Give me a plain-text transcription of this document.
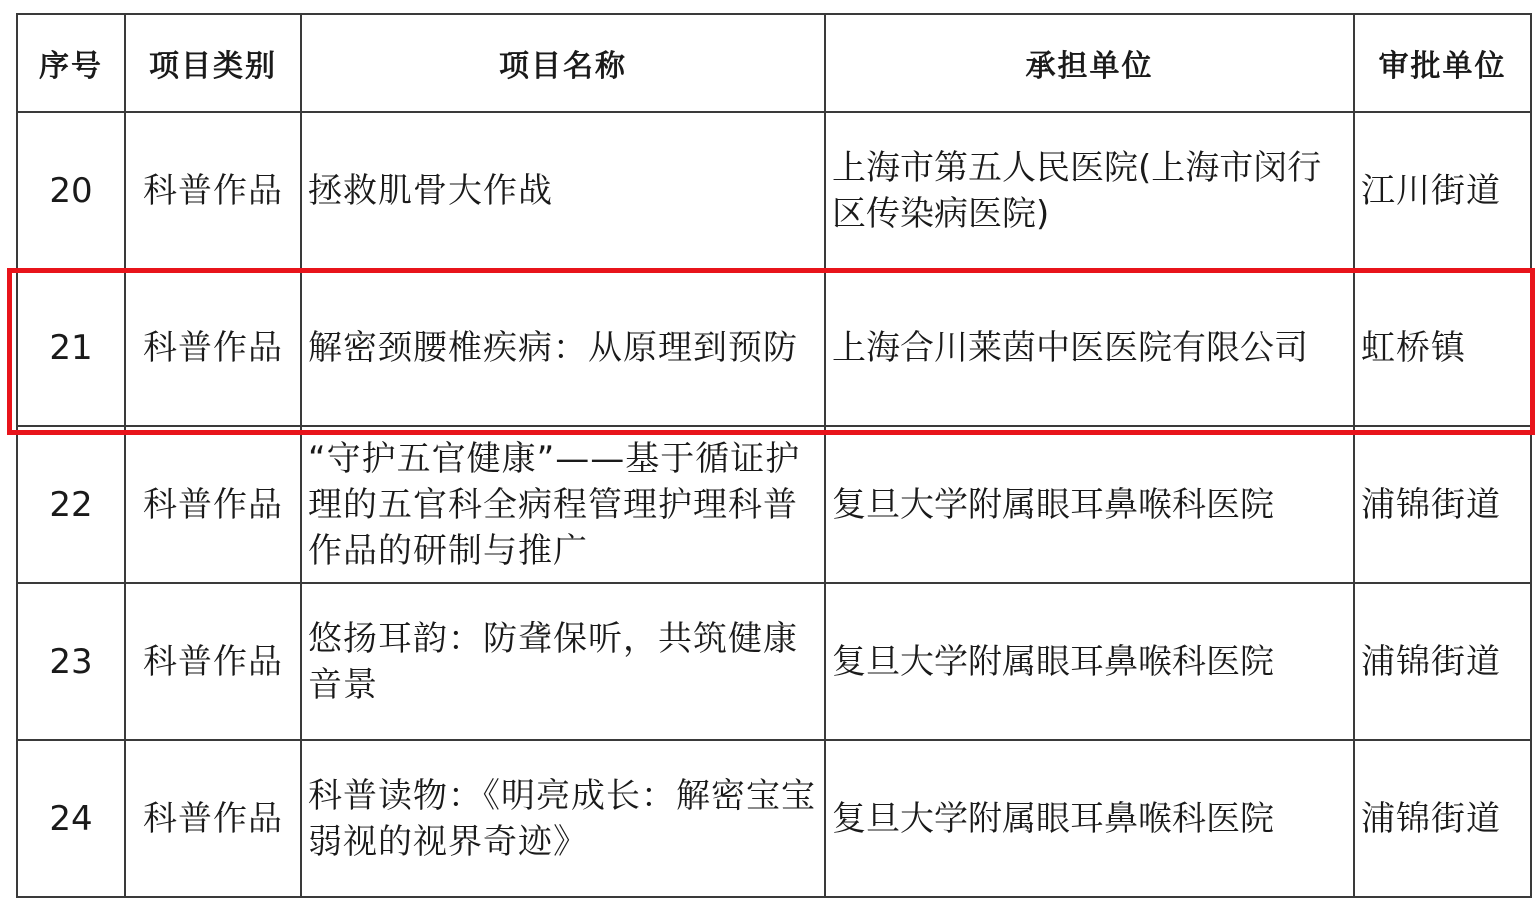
序号	项目类别	项目名称	承担单位	审批单位
20	科普作品	拯救肌骨大作战	上海市第五人民医院(上海市闵行区传染病医院)	江川街道
21	科普作品	解密颈腰椎疾病：从原理到预防	上海合川莱茵中医医院有限公司	虹桥镇
22	科普作品	“守护五官健康”——基于循证护理的五官科全病程管理护理科普作品的研制与推广	复旦大学附属眼耳鼻喉科医院	浦锦街道
23	科普作品	悠扬耳韵：防聋保听，共筑健康音景	复旦大学附属眼耳鼻喉科医院	浦锦街道
24	科普作品	科普读物：《明亮成长：解密宝宝弱视的视界奇迹》	复旦大学附属眼耳鼻喉科医院	浦锦街道
